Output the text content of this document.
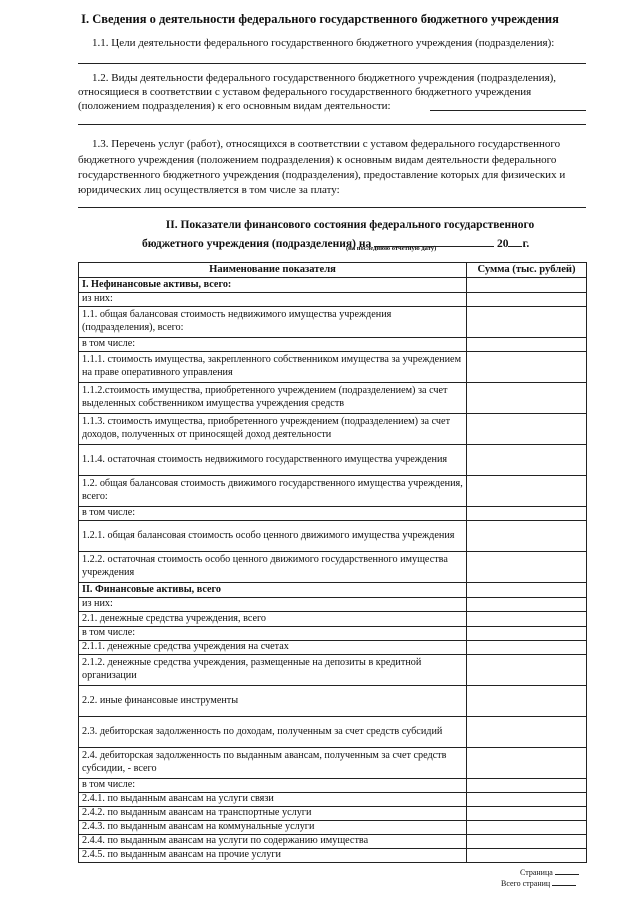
I. Сведения о деятельности федерального государственного бюджетного учреждения
1.1. Цели деятельности федерального государственного бюджетного учреждения (подразделения):
1.2. Виды деятельности федерального государственного бюджетного учреждения (подразделения),
относящиеся в соответствии с уставом федерального государственного бюджетного учреждения
(положением подразделения) к его основным видам деятельности:
1.3. Перечень услуг (работ), относящихся в соответствии с уставом федерального государственного
бюджетного учреждения (положением подразделения) к основным видам деятельности федерального
государственного бюджетного учреждения (подразделения), предоставление которых для физических и
юридических лиц осуществляется в том числе за плату:
II. Показатели финансового состояния федерального государственного
бюджетного учреждения (подразделения) на	20 г.
(на последнюю отчетную дату)
Наименование показателя	Сумма (тыс. рублей)
I. Нефинансовые активы, всего:	
из них:	
1.1. общая балансовая стоимость недвижимого имущества учреждения (подразделения), всего:	
в том числе:	
1.1.1. стоимость имущества, закрепленного собственником имущества за учреждением на праве оперативного управления	
1.1.2.стоимость имущества, приобретенного учреждением (подразделением) за счет выделенных собственником имущества учреждения средств	
1.1.3. стоимость имущества, приобретенного учреждением (подразделением) за счет доходов, полученных от приносящей доход деятельности	
1.1.4. остаточная стоимость недвижимого государственного имущества учреждения	
1.2. общая балансовая стоимость движимого государственного имущества учреждения, всего:	
в том числе:	
1.2.1. общая балансовая стоимость особо ценного движимого имущества учреждения	
1.2.2. остаточная стоимость особо ценного движимого государственного имущества учреждения	
II. Финансовые активы, всего	
из них:	
2.1. денежные средства учреждения, всего	
в том числе:	
2.1.1. денежные средства учреждения на счетах	
2.1.2. денежные средства учреждения, размещенные на депозиты в кредитной организации	
2.2. иные финансовые инструменты	
2.3. дебиторская задолженность по доходам, полученным за счет средств субсидий	
2.4. дебиторская задолженность по выданным авансам, полученным за счет средств субсидии, - всего	
в том числе:	
2.4.1. по выданным авансам на услуги связи	
2.4.2. по выданным авансам на транспортные услуги	
2.4.3. по выданным авансам на коммунальные услуги	
2.4.4. по выданным авансам на услуги по содержанию имущества	
2.4.5. по выданным авансам на прочие услуги	
Страница
Всего страниц
